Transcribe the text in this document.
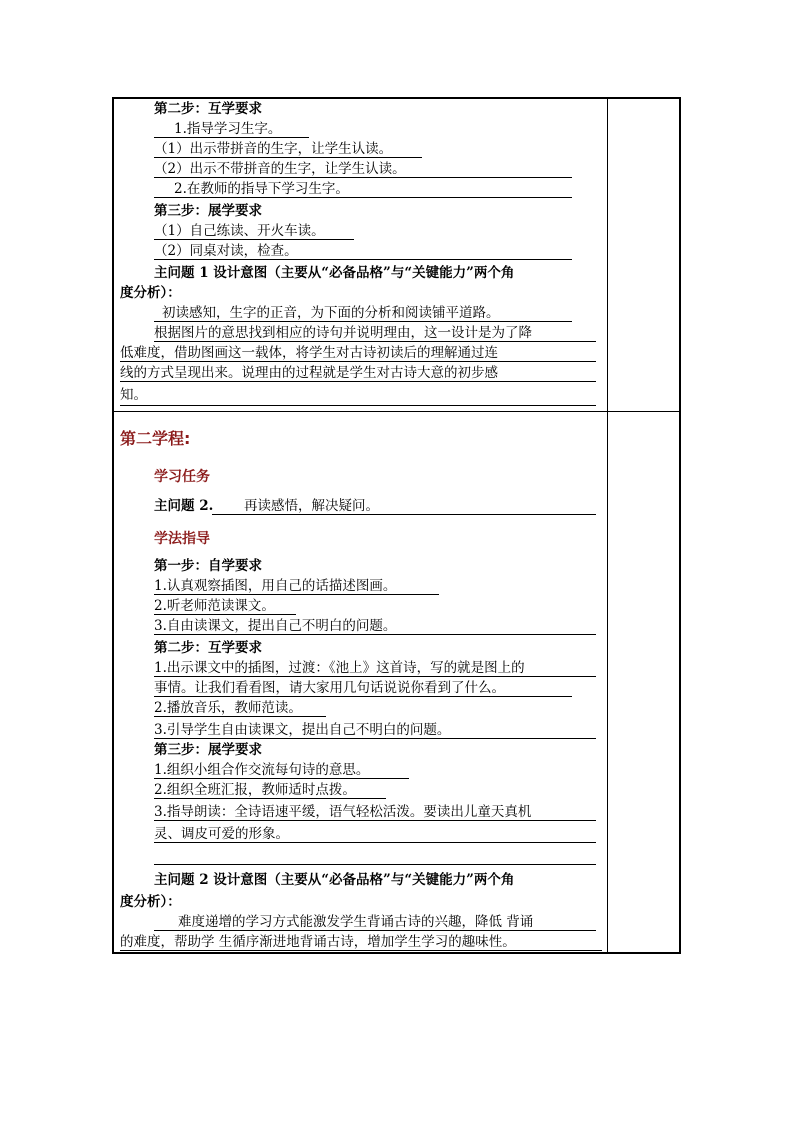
第二步：互学要求
1.指导学习生字。
（1）出示带拼音的生字，让学生认读。
（2）出示不带拼音的生字，让学生认读。
2.在教师的指导下学习生字。
第三步：展学要求
（1）自己练读、开火车读。
（2）同桌对读，检查。
主问题 1 设计意图（主要从“必备品格”与“关键能力”两个角
度分析）：
初读感知，生字的正音，为下面的分析和阅读铺平道路。
根据图片的意思找到相应的诗句并说明理由，这一设计是为了降
低难度，借助图画这一载体，将学生对古诗初读后的理解通过连
线的方式呈现出来。说理由的过程就是学生对古诗大意的初步感
知。
第二学程:
学习任务
主问题 2. 再读感悟，解决疑问。
学法指导
第一步：自学要求
1.认真观察插图，用自己的话描述图画。
2.听老师范读课文。
3.自由读课文，提出自己不明白的问题。
第二步：互学要求
1.出示课文中的插图，过渡：《池上》这首诗，写的就是图上的
事情。让我们看看图，请大家用几句话说说你看到了什么。
2.播放音乐，教师范读。
3.引导学生自由读课文，提出自己不明白的问题。
第三步：展学要求
1.组织小组合作交流每句诗的意思。
2.组织全班汇报，教师适时点拨。
3.指导朗读：全诗语速平缓，语气轻松活泼。要读出儿童天真机
灵、调皮可爱的形象。
主问题 2 设计意图（主要从“必备品格”与“关键能力”两个角
度分析）：
难度递增的学习方式能激发学生背诵古诗的兴趣，降低 背诵
的难度，帮助学 生循序渐进地背诵古诗，增加学生学习的趣味性。
